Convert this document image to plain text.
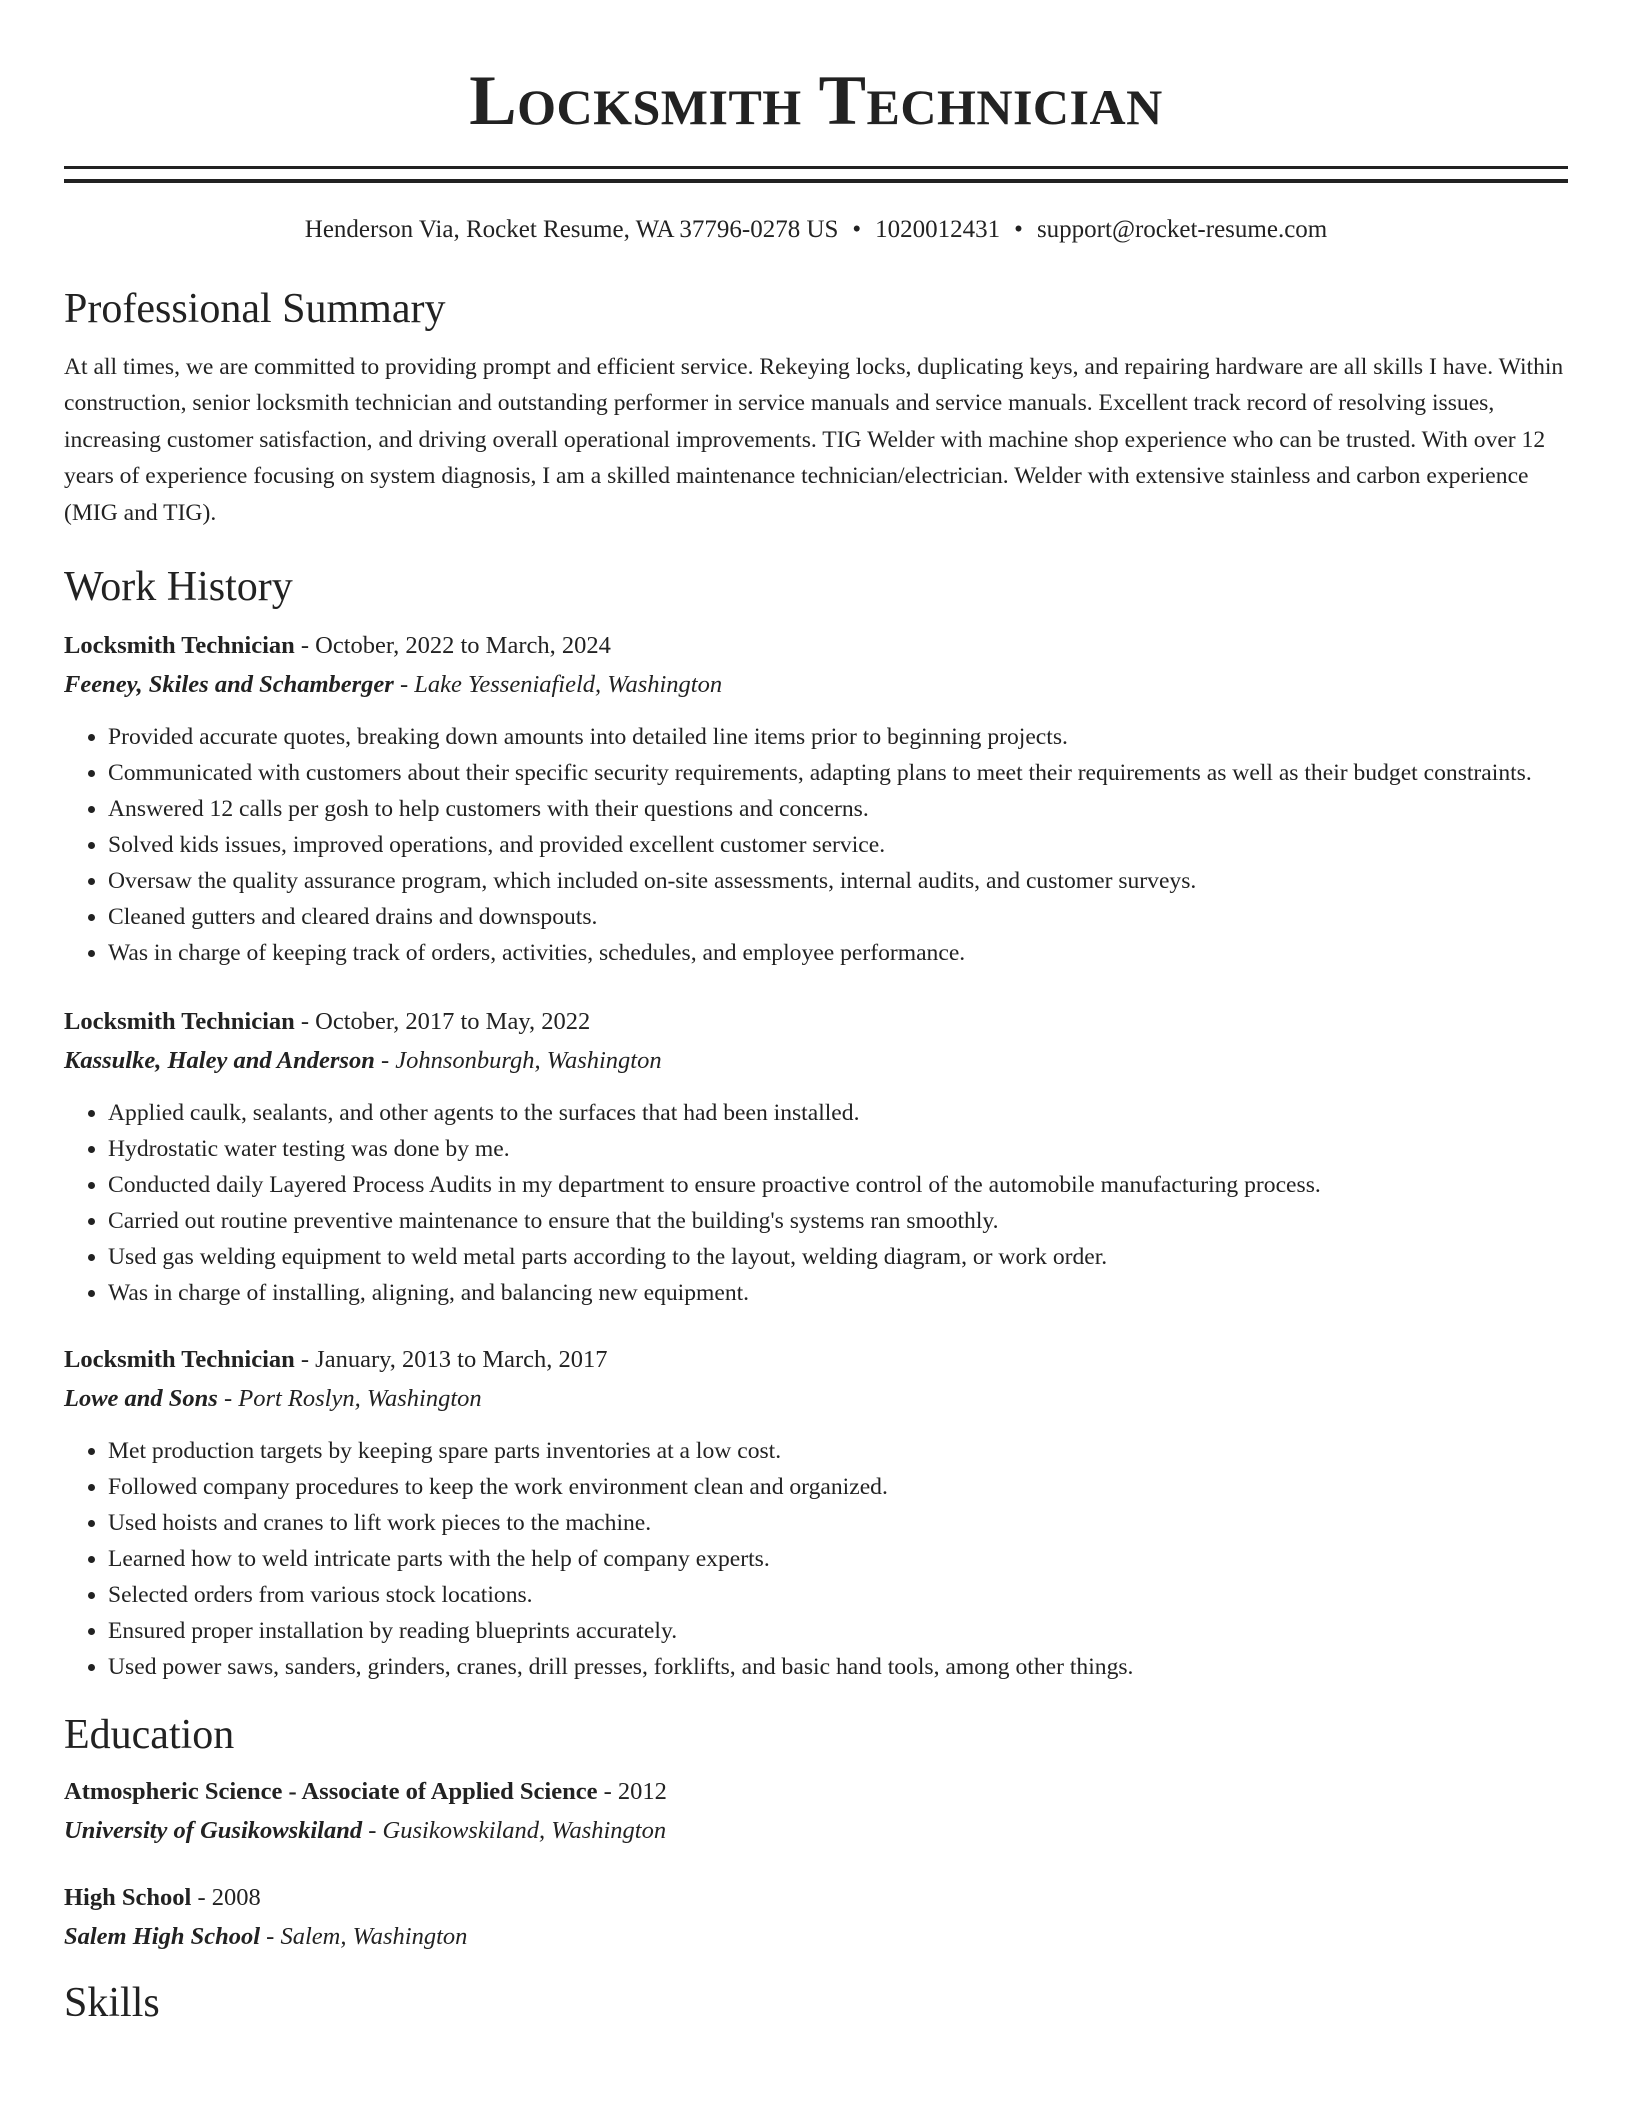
Locksmith Technician
Henderson Via, Rocket Resume, WA 37796-0278 US • 1020012431 • support@rocket-resume.com
Professional Summary

At all times, we are committed to providing prompt and efficient service. Rekeying locks, duplicating keys, and repairing hardware are all skills I have. Within construction, senior locksmith technician and outstanding performer in service manuals and service manuals. Excellent track record of resolving issues, increasing customer satisfaction, and driving overall operational improvements. TIG Welder with machine shop experience who can be trusted. With over 12 years of experience focusing on system diagnosis, I am a skilled maintenance technician/electrician. Welder with extensive stainless and carbon experience (MIG and TIG).

Work History

Locksmith Technician - October, 2022 to March, 2024

Feeney, Skiles and Schamberger - Lake Yesseniafield, Washington

• Provided accurate quotes, breaking down amounts into detailed line items prior to beginning projects.
• Communicated with customers about their specific security requirements, adapting plans to meet their requirements as well as their budget constraints.
• Answered 12 calls per gosh to help customers with their questions and concerns.
• Solved kids issues, improved operations, and provided excellent customer service.
• Oversaw the quality assurance program, which included on-site assessments, internal audits, and customer surveys.
• Cleaned gutters and cleared drains and downspouts.
• Was in charge of keeping track of orders, activities, schedules, and employee performance.

Locksmith Technician - October, 2017 to May, 2022

Kassulke, Haley and Anderson - Johnsonburgh, Washington

• Applied caulk, sealants, and other agents to the surfaces that had been installed.
• Hydrostatic water testing was done by me.
• Conducted daily Layered Process Audits in my department to ensure proactive control of the automobile manufacturing process.
• Carried out routine preventive maintenance to ensure that the building's systems ran smoothly.
• Used gas welding equipment to weld metal parts according to the layout, welding diagram, or work order.
• Was in charge of installing, aligning, and balancing new equipment.

Locksmith Technician - January, 2013 to March, 2017

Lowe and Sons - Port Roslyn, Washington

• Met production targets by keeping spare parts inventories at a low cost.
• Followed company procedures to keep the work environment clean and organized.
• Used hoists and cranes to lift work pieces to the machine.
• Learned how to weld intricate parts with the help of company experts.
• Selected orders from various stock locations.
• Ensured proper installation by reading blueprints accurately.
• Used power saws, sanders, grinders, cranes, drill presses, forklifts, and basic hand tools, among other things.
Education

Atmospheric Science - Associate of Applied Science - 2012

University of Gusikowskiland - Gusikowskiland, Washington

High School - 2008

Salem High School - Salem, Washington

Skills
